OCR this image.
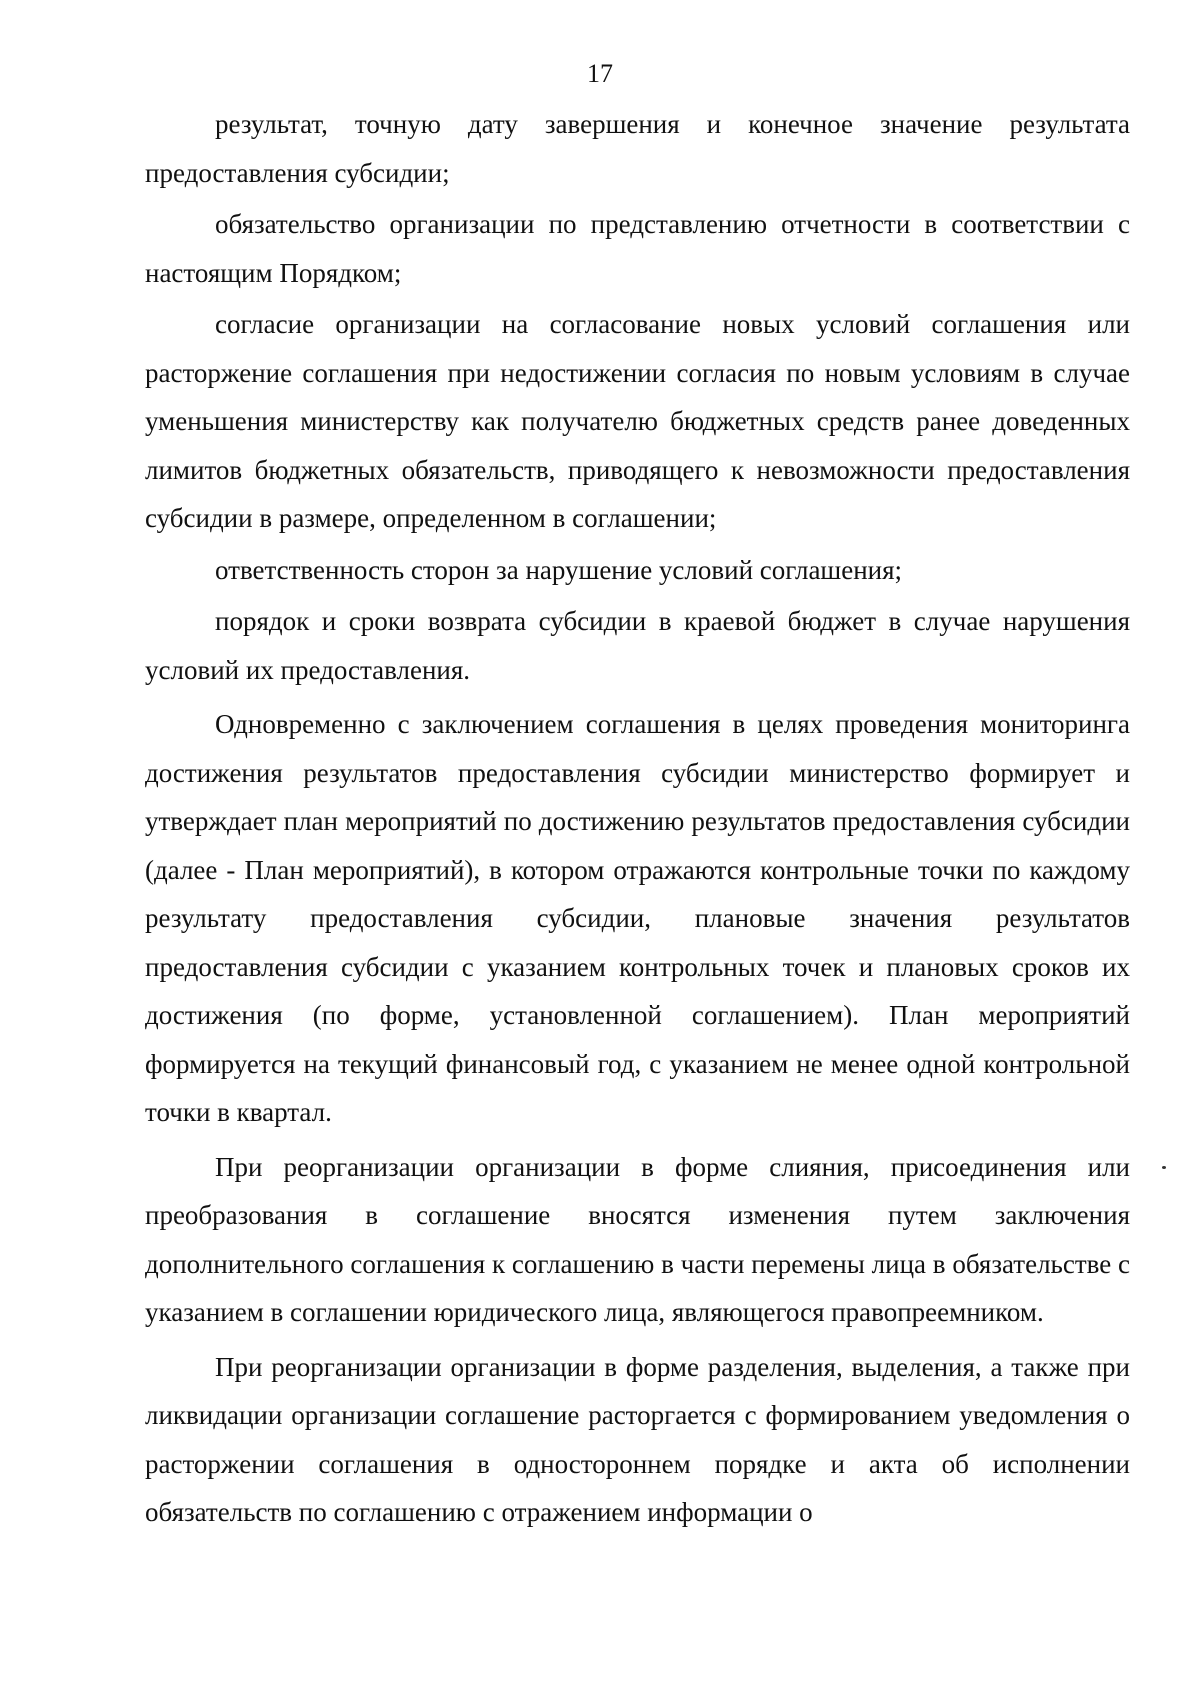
17

результат, точную дату завершения и конечное значение результата предоставления субсидии;

обязательство организации по представлению отчетности в соответствии с настоящим Порядком;

согласие организации на согласование новых условий соглашения или расторжение соглашения при недостижении согласия по новым условиям в случае уменьшения министерству как получателю бюджетных средств ранее доведенных лимитов бюджетных обязательств, приводящего к невозможности предоставления субсидии в размере, определенном в соглашении;

ответственность сторон за нарушение условий соглашения;

порядок и сроки возврата субсидии в краевой бюджет в случае нарушения условий их предоставления.

Одновременно с заключением соглашения в целях проведения мониторинга достижения результатов предоставления субсидии министерство формирует и утверждает план мероприятий по достижению результатов предоставления субсидии (далее - План мероприятий), в котором отражаются контрольные точки по каждому результату предоставления субсидии, плановые значения результатов предоставления субсидии с указанием контрольных точек и плановых сроков их достижения (по форме, установленной соглашением). План мероприятий формируется на текущий финансовый год, с указанием не менее одной контрольной точки в квартал.

При реорганизации организации в форме слияния, присоединения или преобразования в соглашение вносятся изменения путем заключения дополнительного соглашения к соглашению в части перемены лица в обязательстве с указанием в соглашении юридического лица, являющегося правопреемником.

При реорганизации организации в форме разделения, выделения, а также при ликвидации организации соглашение расторгается с формированием уведомления о расторжении соглашения в одностороннем порядке и акта об исполнении обязательств по соглашению с отражением информации о
